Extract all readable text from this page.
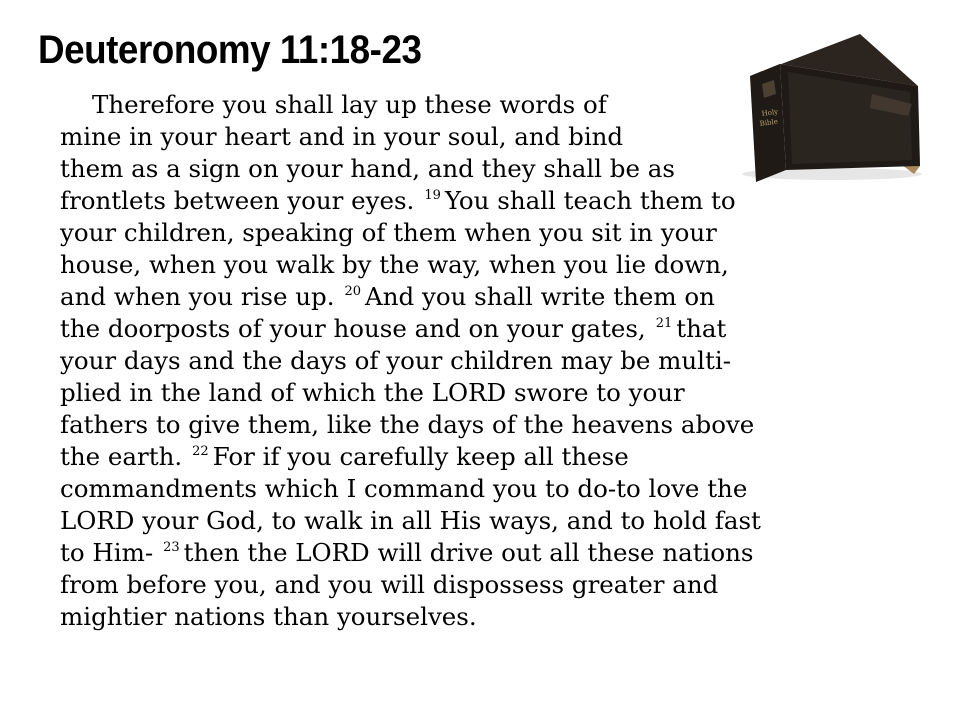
Deuteronomy 11:18-23
Holy
Bible
Therefore you shall lay up these words of
mine in your heart and in your soul, and bind
them as a sign on your hand, and they shall be as
frontlets between your eyes. $^{19}$ You shall teach them to
your children, speaking of them when you sit in your
house, when you walk by the way, when you lie down,
and when you rise up. $^{20}$ And you shall write them on
the doorposts of your house and on your gates, $^{21}$ that
your days and the days of your children may be multi-
plied in the land of which the LORD swore to your
fathers to give them, like the days of the heavens above
the earth. $^{22}$ For if you carefully keep all these
commandments which I command you to do-to love the
LORD your God, to walk in all His ways, and to hold fast
to Him- $^{23}$ then the LORD will drive out all these nations
from before you, and you will dispossess greater and
mightier nations than yourselves.
